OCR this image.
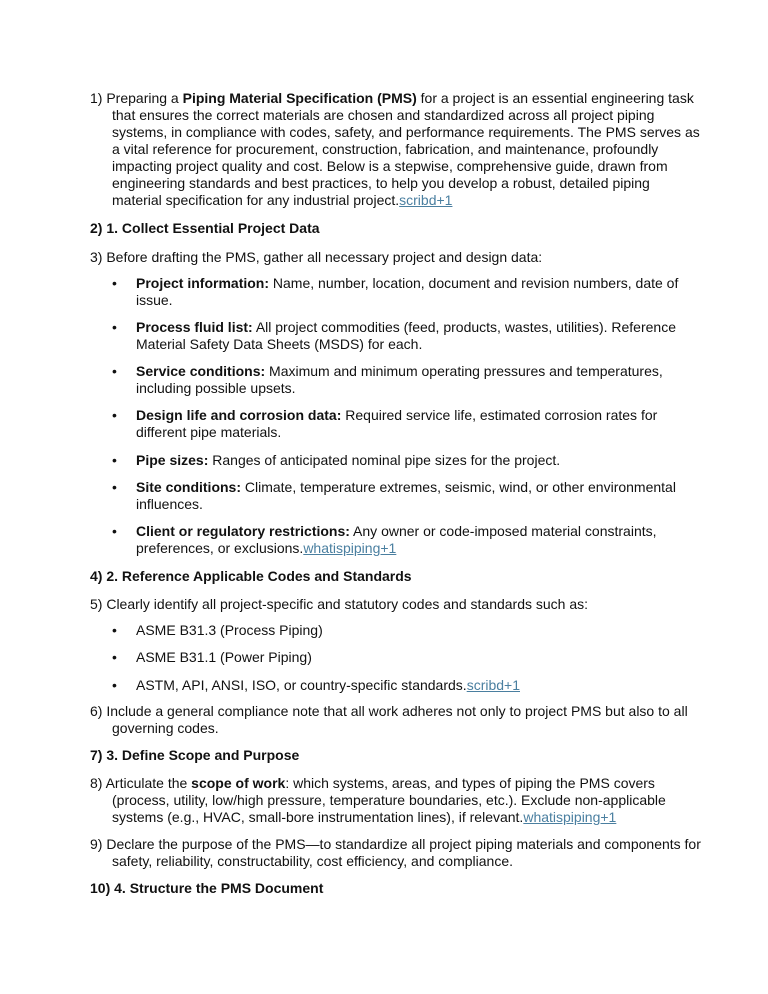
1) Preparing a Piping Material Specification (PMS) for a project is an essential engineering task that ensures the correct materials are chosen and standardized across all project piping systems, in compliance with codes, safety, and performance requirements. The PMS serves as a vital reference for procurement, construction, fabrication, and maintenance, profoundly impacting project quality and cost. Below is a stepwise, comprehensive guide, drawn from engineering standards and best practices, to help you develop a robust, detailed piping material specification for any industrial project.scribd+1
2) 1. Collect Essential Project Data
3) Before drafting the PMS, gather all necessary project and design data:
• Project information: Name, number, location, document and revision numbers, date of issue.
• Process fluid list: All project commodities (feed, products, wastes, utilities). Reference Material Safety Data Sheets (MSDS) for each.
• Service conditions: Maximum and minimum operating pressures and temperatures, including possible upsets.
• Design life and corrosion data: Required service life, estimated corrosion rates for different pipe materials.
• Pipe sizes: Ranges of anticipated nominal pipe sizes for the project.
• Site conditions: Climate, temperature extremes, seismic, wind, or other environmental influences.
• Client or regulatory restrictions: Any owner or code-imposed material constraints, preferences, or exclusions.whatispiping+1
4) 2. Reference Applicable Codes and Standards
5) Clearly identify all project-specific and statutory codes and standards such as:
• ASME B31.3 (Process Piping)
• ASME B31.1 (Power Piping)
• ASTM, API, ANSI, ISO, or country-specific standards.scribd+1
6) Include a general compliance note that all work adheres not only to project PMS but also to all governing codes.
7) 3. Define Scope and Purpose
8) Articulate the scope of work: which systems, areas, and types of piping the PMS covers (process, utility, low/high pressure, temperature boundaries, etc.). Exclude non-applicable systems (e.g., HVAC, small-bore instrumentation lines), if relevant.whatispiping+1
9) Declare the purpose of the PMS—to standardize all project piping materials and components for safety, reliability, constructability, cost efficiency, and compliance.
10) 4. Structure the PMS Document
